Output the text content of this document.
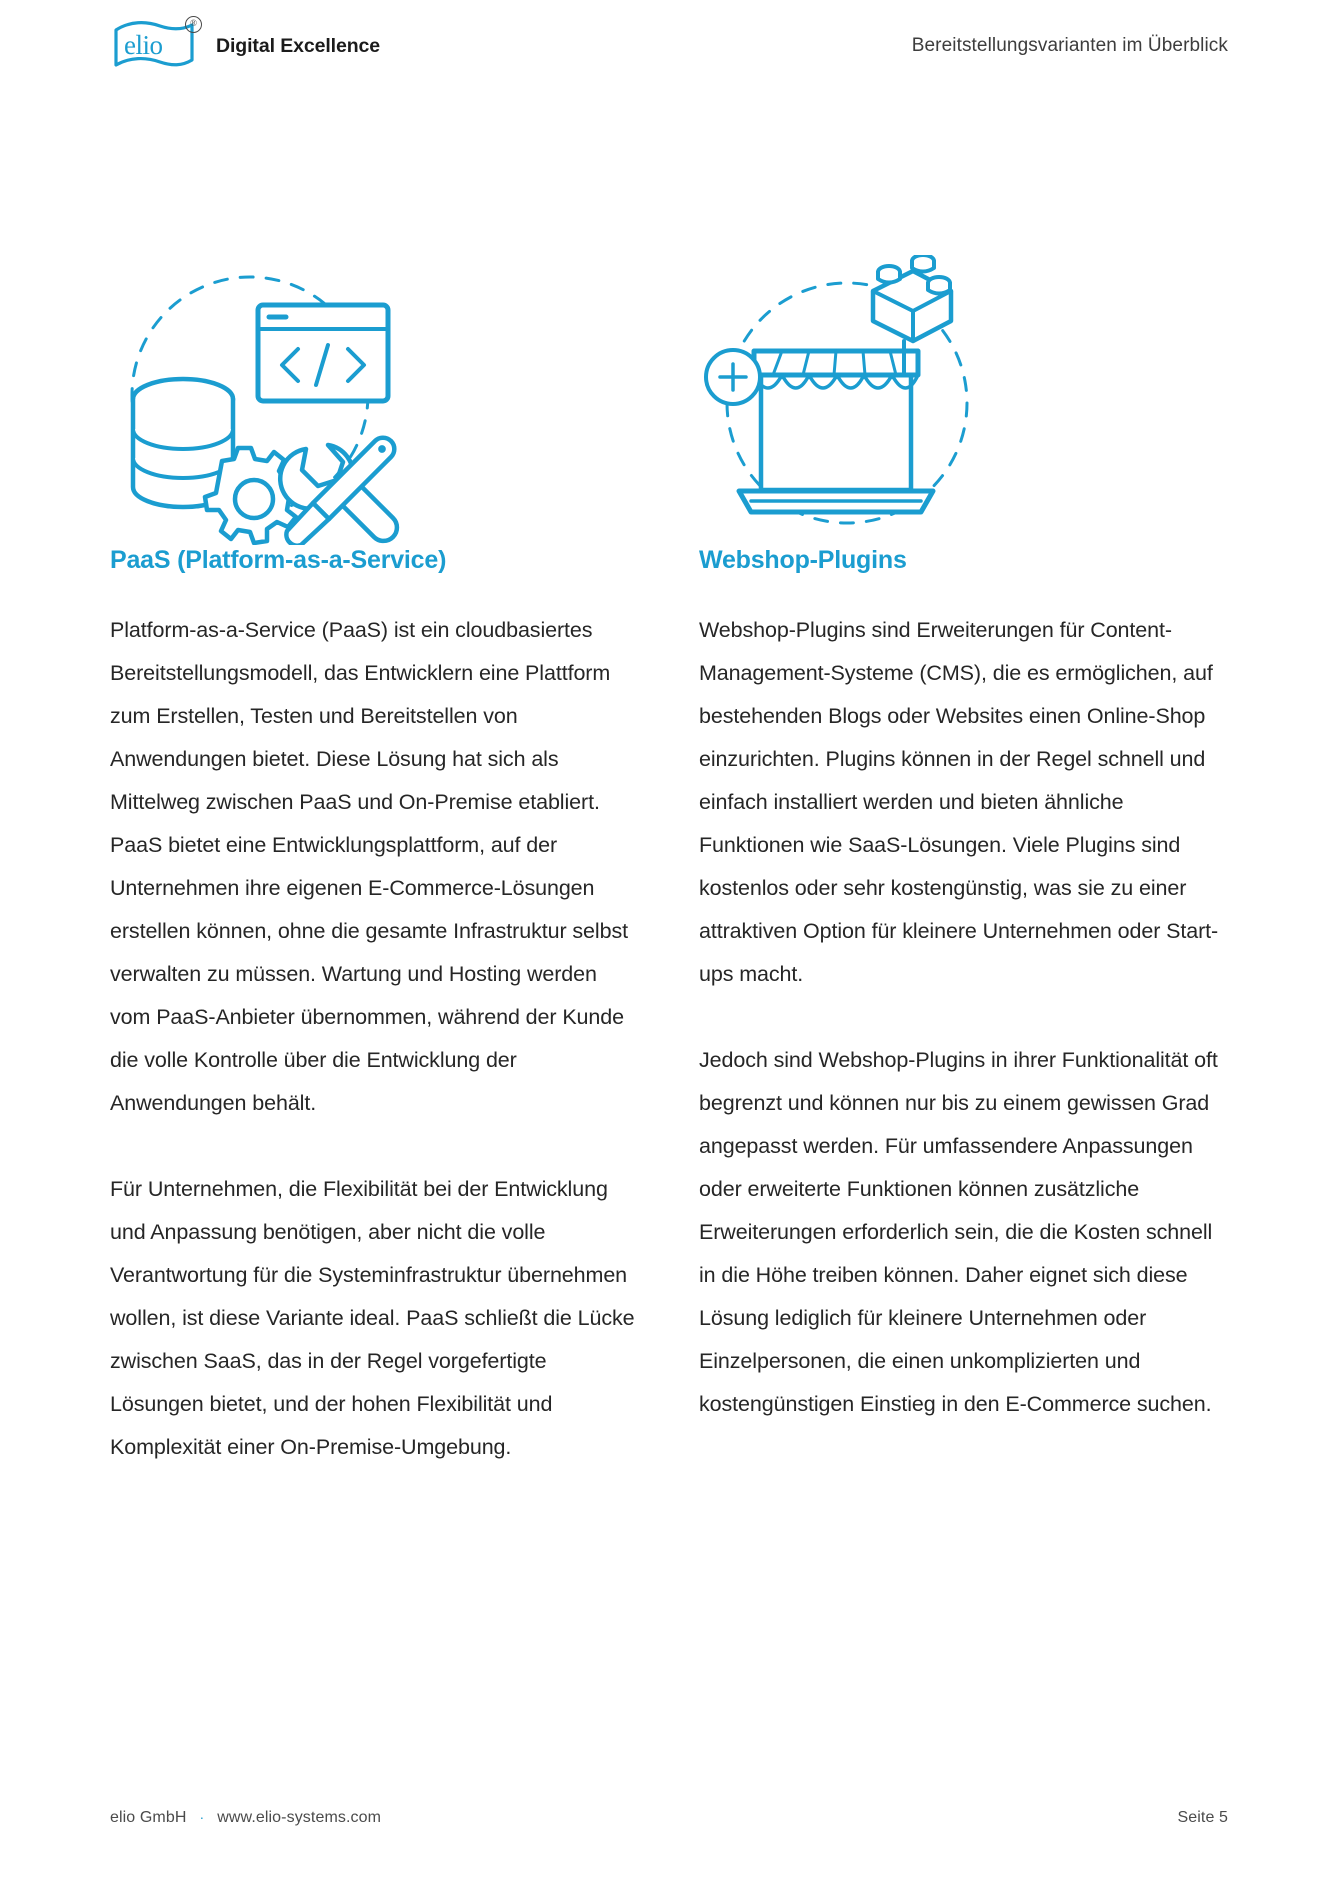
elio
®
Digital Excellence	Bereitstellungsvarianten im Überblick
PaaS (Platform-as-a-Service)

Platform-as-a-Service (PaaS) ist ein cloudbasiertes Bereitstellungsmodell, das Entwicklern eine Plattform zum Erstellen, Testen und Bereitstellen von Anwendungen bietet. Diese Lösung hat sich als Mittelweg zwischen PaaS und On-Premise etabliert. PaaS bietet eine Entwicklungsplattform, auf der Unternehmen ihre eigenen E-Commerce-Lösungen erstellen können, ohne die gesamte Infrastruktur selbst verwalten zu müssen. Wartung und Hosting werden vom PaaS-Anbieter übernommen, während der Kunde die volle Kontrolle über die Entwicklung der Anwendungen behält.

Für Unternehmen, die Flexibilität bei der Entwicklung und Anpassung benötigen, aber nicht die volle Verantwortung für die Systeminfrastruktur übernehmen wollen, ist diese Variante ideal. PaaS schließt die Lücke zwischen SaaS, das in der Regel vorgefertigte Lösungen bietet, und der hohen Flexibilität und Komplexität einer On-Premise-Umgebung.

Webshop-Plugins

Webshop-Plugins sind Erweiterungen für Content-Management-Systeme (CMS), die es ermöglichen, auf bestehenden Blogs oder Websites einen Online-Shop einzurichten. Plugins können in der Regel schnell und einfach installiert werden und bieten ähnliche Funktionen wie SaaS-Lösungen. Viele Plugins sind kostenlos oder sehr kostengünstig, was sie zu einer attraktiven Option für kleinere Unternehmen oder Start-ups macht.

Jedoch sind Webshop-Plugins in ihrer Funktionalität oft begrenzt und können nur bis zu einem gewissen Grad angepasst werden. Für umfassendere Anpassungen oder erweiterte Funktionen können zusätzliche Erweiterungen erforderlich sein, die die Kosten schnell in die Höhe treiben können. Daher eignet sich diese Lösung lediglich für kleinere Unternehmen oder Einzelpersonen, die einen unkomplizierten und kostengünstigen Einstieg in den E-Commerce suchen.

elio GmbH · www.elio-systems.com	Seite 5
